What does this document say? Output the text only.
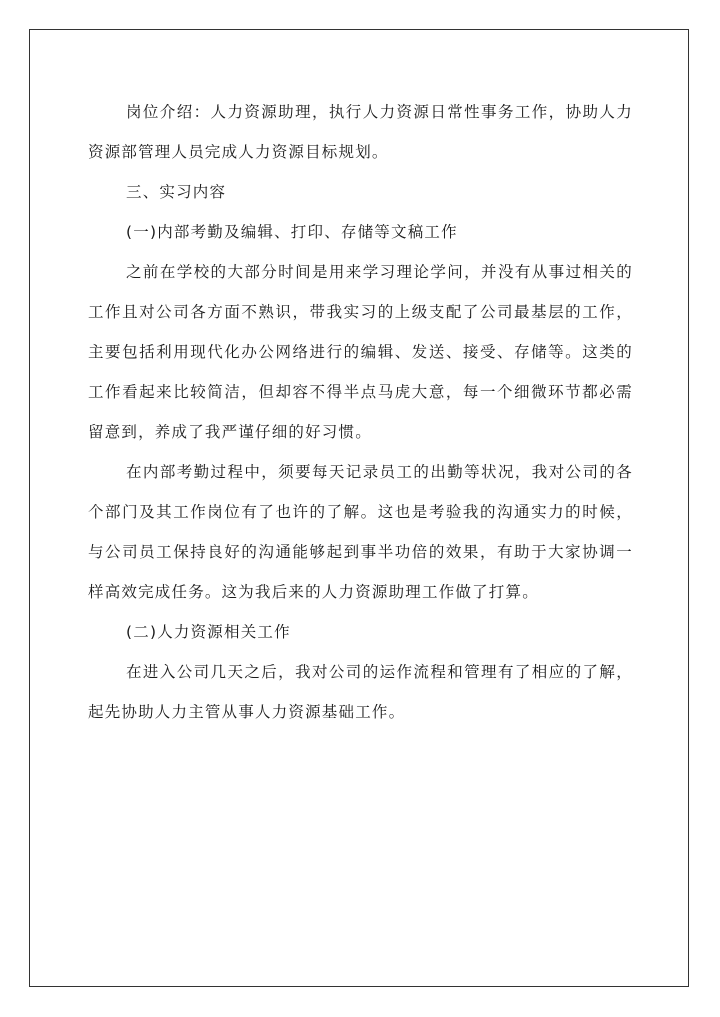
岗位介绍：人力资源助理，执行人力资源日常性事务工作，协助人力资源部管理人员完成人力资源目标规划。

三、实习内容

(一)内部考勤及编辑、打印、存储等文稿工作

之前在学校的大部分时间是用来学习理论学问，并没有从事过相关的工作且对公司各方面不熟识，带我实习的上级支配了公司最基层的工作，主要包括利用现代化办公网络进行的编辑、发送、接受、存储等。这类的工作看起来比较简洁，但却容不得半点马虎大意，每一个细微环节都必需留意到，养成了我严谨仔细的好习惯。

在内部考勤过程中，须要每天记录员工的出勤等状况，我对公司的各个部门及其工作岗位有了也许的了解。这也是考验我的沟通实力的时候，与公司员工保持良好的沟通能够起到事半功倍的效果，有助于大家协调一样高效完成任务。这为我后来的人力资源助理工作做了打算。

(二)人力资源相关工作

在进入公司几天之后，我对公司的运作流程和管理有了相应的了解，起先协助人力主管从事人力资源基础工作。
